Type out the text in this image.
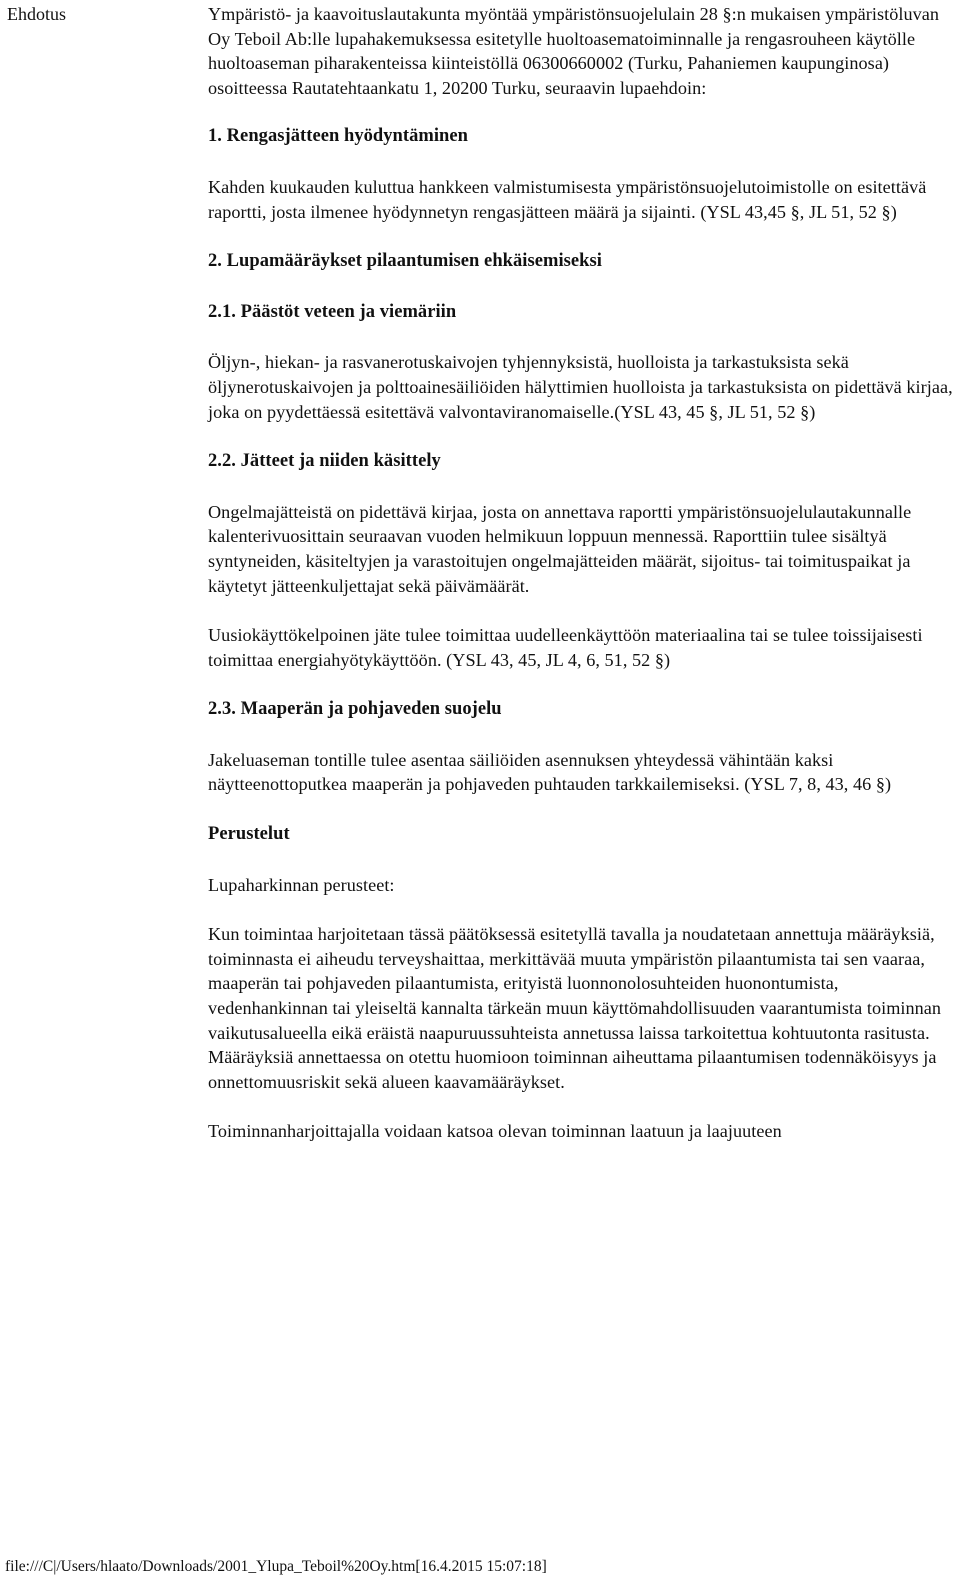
Ehdotus	Ympäristö- ja kaavoituslautakunta myöntää ympäristönsuojelulain 28 §:n mukaisen ympäristöluvan Oy Teboil Ab:lle lupahakemuksessa esitetylle huoltoasematoiminnalle ja rengasrouheen käytölle huoltoaseman piharakenteissa kiinteistöllä 06300660002 (Turku, Pahaniemen kaupunginosa) osoitteessa Rautatehtaankatu 1, 20200 Turku, seuraavin lupaehdoin:

1. Rengasjätteen hyödyntäminen

Kahden kuukauden kuluttua hankkeen valmistumisesta ympäristönsuojelutoimistolle on esitettävä raportti, josta ilmenee hyödynnetyn rengasjätteen määrä ja sijainti. (YSL 43,45 §, JL 51, 52 §)

2. Lupamääräykset pilaantumisen ehkäisemiseksi
2.1. Päästöt veteen ja viemäriin

Öljyn-, hiekan- ja rasvanerotuskaivojen tyhjennyksistä, huolloista ja tarkastuksista sekä öljynerotuskaivojen ja polttoainesäiliöiden hälyttimien huolloista ja tarkastuksista on pidettävä kirjaa, joka on pyydettäessä esitettävä valvontaviranomaiselle.(YSL 43, 45 §, JL 51, 52 §)

2.2. Jätteet ja niiden käsittely

Ongelmajätteistä on pidettävä kirjaa, josta on annettava raportti ympäristönsuojelulautakunnalle kalenterivuosittain seuraavan vuoden helmikuun loppuun mennessä. Raporttiin tulee sisältyä syntyneiden, käsiteltyjen ja varastoitujen ongelmajätteiden määrät, sijoitus- tai toimituspaikat ja käytetyt jätteenkuljettajat sekä päivämäärät.

Uusiokäyttökelpoinen jäte tulee toimittaa uudelleenkäyttöön materiaalina tai se tulee toissijaisesti toimittaa energiahyötykäyttöön. (YSL 43, 45, JL 4, 6, 51, 52 §)

2.3. Maaperän ja pohjaveden suojelu

Jakeluaseman tontille tulee asentaa säiliöiden asennuksen yhteydessä vähintään kaksi näytteenottoputkea maaperän ja pohjaveden puhtauden tarkkailemiseksi. (YSL 7, 8, 43, 46 §)

Perustelut

Lupaharkinnan perusteet:

Kun toimintaa harjoitetaan tässä päätöksessä esitetyllä tavalla ja noudatetaan annettuja määräyksiä, toiminnasta ei aiheudu terveyshaittaa, merkittävää muuta ympäristön pilaantumista tai sen vaaraa, maaperän tai pohjaveden pilaantumista, erityistä luonnonolosuhteiden huonontumista, vedenhankinnan tai yleiseltä kannalta tärkeän muun käyttömahdollisuuden vaarantumista toiminnan vaikutusalueella eikä eräistä naapuruussuhteista annetussa laissa tarkoitettua kohtuutonta rasitusta. Määräyksiä annettaessa on otettu huomioon toiminnan aiheuttama pilaantumisen todennäköisyys ja onnettomuusriskit sekä alueen kaavamääräykset.

Toiminnanharjoittajalla voidaan katsoa olevan toiminnan laatuun ja laajuuteen

file:///C|/Users/hlaato/Downloads/2001_Ylupa_Teboil%20Oy.htm[16.4.2015 15:07:18]
